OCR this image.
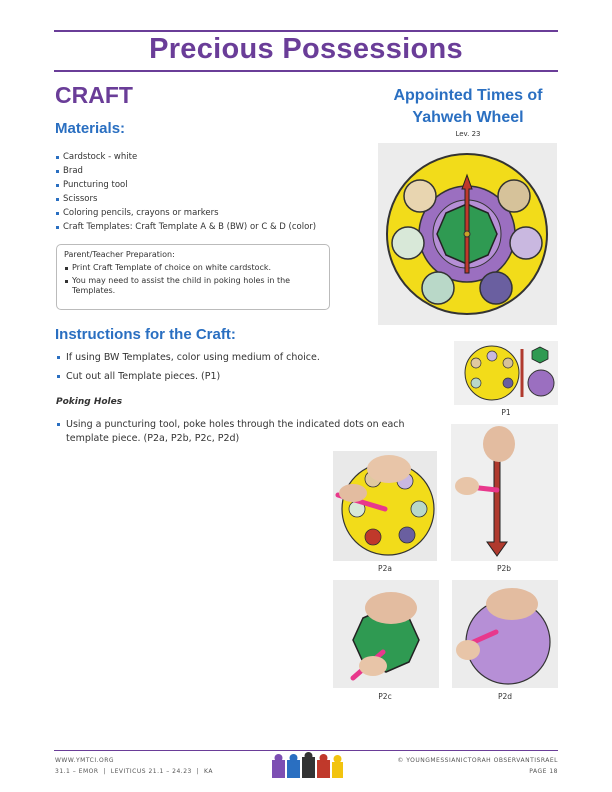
Precious Possessions
CRAFT
Materials:
Cardstock - white
Brad
Puncturing tool
Scissors
Coloring pencils, crayons or markers
Craft Templates: Craft Template A & B (BW) or C & D (color)
Parent/Teacher Preparation:
Print Craft Template of choice on white cardstock.
You may need to assist the child in poking holes in the Templates.
Appointed Times of
Yahweh Wheel
Lev. 23
Instructions for the Craft:
If using BW Templates, color using medium of choice.
Cut out all Template pieces. (P1)
Poking Holes
Using a puncturing tool, poke holes through the indicated dots on each template piece. (P2a, P2b, P2c, P2d)
P1
P2a	P2b
P2c	P2d
WWW.YMTCI.ORG
31.1 – EMOR  |  LEVITICUS 21.1 – 24.23  |  KA
© YOUNGMESSIANICTORAH OBSERVANTISRAEL
PAGE 18
